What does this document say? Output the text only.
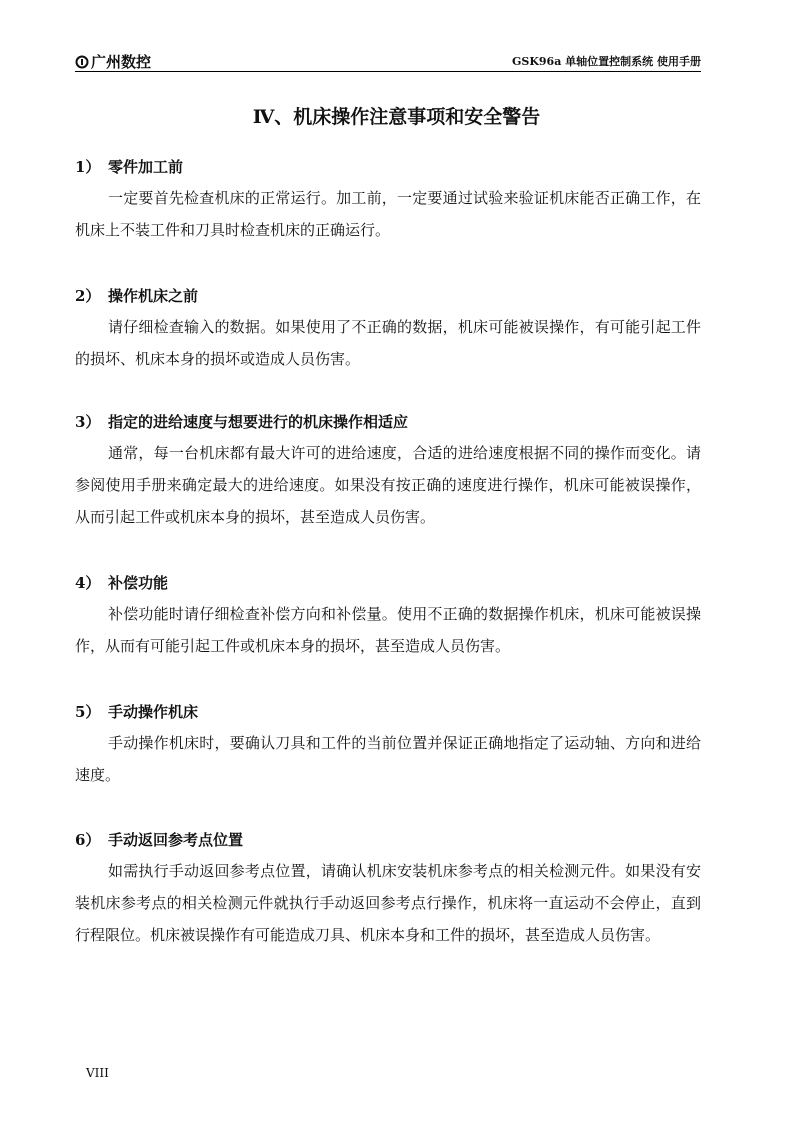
广州数控	GSK96a 单轴位置控制系统 使用手册
Ⅳ、机床操作注意事项和安全警告
1） 零件加工前

一定要首先检查机床的正常运行。加工前，一定要通过试验来验证机床能否正确工作，在机床上不装工件和刀具时检查机床的正确运行。

2） 操作机床之前

请仔细检查输入的数据。如果使用了不正确的数据，机床可能被误操作，有可能引起工件的损坏、机床本身的损坏或造成人员伤害。

3） 指定的进给速度与想要进行的机床操作相适应

通常，每一台机床都有最大许可的进给速度，合适的进给速度根据不同的操作而变化。请参阅使用手册来确定最大的进给速度。如果没有按正确的速度进行操作，机床可能被误操作，从而引起工件或机床本身的损坏，甚至造成人员伤害。

4） 补偿功能

补偿功能时请仔细检查补偿方向和补偿量。使用不正确的数据操作机床，机床可能被误操作，从而有可能引起工件或机床本身的损坏，甚至造成人员伤害。

5） 手动操作机床

手动操作机床时，要确认刀具和工件的当前位置并保证正确地指定了运动轴、方向和进给速度。

6） 手动返回参考点位置

如需执行手动返回参考点位置，请确认机床安装机床参考点的相关检测元件。如果没有安装机床参考点的相关检测元件就执行手动返回参考点行操作，机床将一直运动不会停止，直到行程限位。机床被误操作有可能造成刀具、机床本身和工件的损坏，甚至造成人员伤害。

VIII
